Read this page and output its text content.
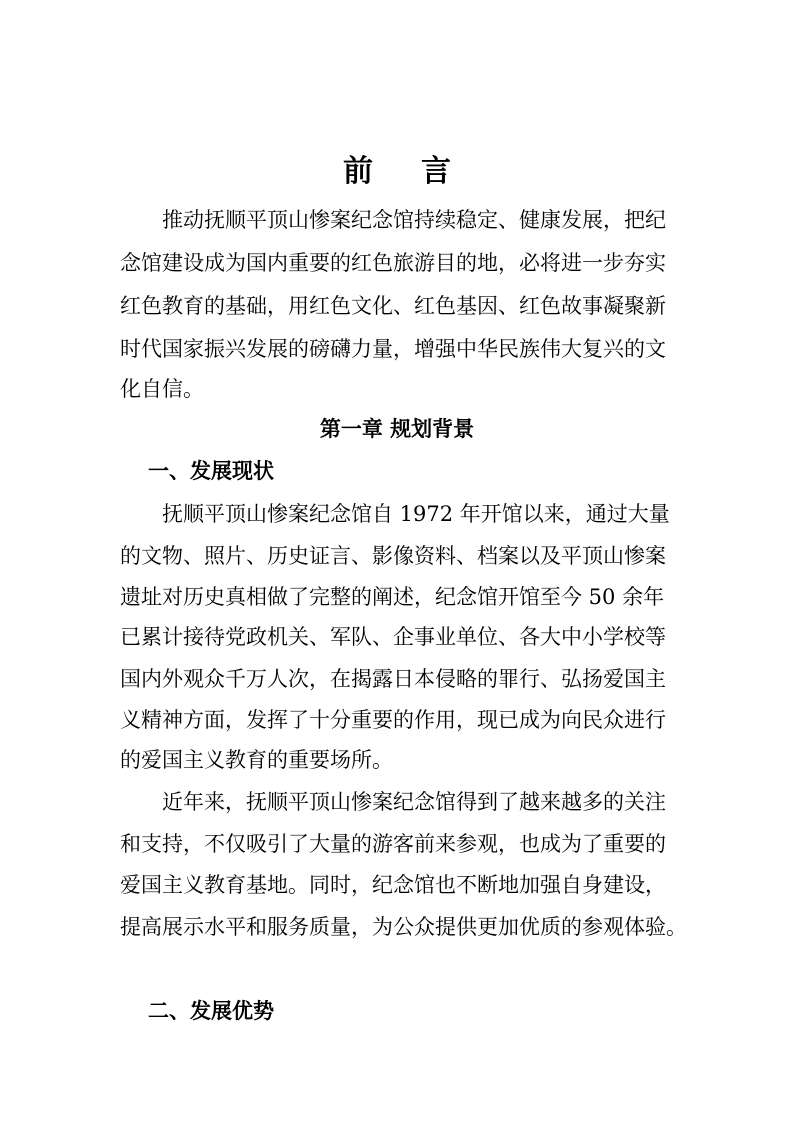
前 言
推动抚顺平顶山惨案纪念馆持续稳定、健康发展，把纪
念馆建设成为国内重要的红色旅游目的地，必将进一步夯实
红色教育的基础，用红色文化、红色基因、红色故事凝聚新
时代国家振兴发展的磅礴力量，增强中华民族伟大复兴的文
化自信。
第一章 规划背景
一、发展现状
抚顺平顶山惨案纪念馆自 1972 年开馆以来，通过大量
的文物、照片、历史证言、影像资料、档案以及平顶山惨案
遗址对历史真相做了完整的阐述，纪念馆开馆至今 50 余年
已累计接待党政机关、军队、企事业单位、各大中小学校等
国内外观众千万人次，在揭露日本侵略的罪行、弘扬爱国主
义精神方面，发挥了十分重要的作用，现已成为向民众进行
的爱国主义教育的重要场所。
近年来，抚顺平顶山惨案纪念馆得到了越来越多的关注
和支持，不仅吸引了大量的游客前来参观，也成为了重要的
爱国主义教育基地。同时，纪念馆也不断地加强自身建设，
提高展示水平和服务质量，为公众提供更加优质的参观体验。
二、发展优势
